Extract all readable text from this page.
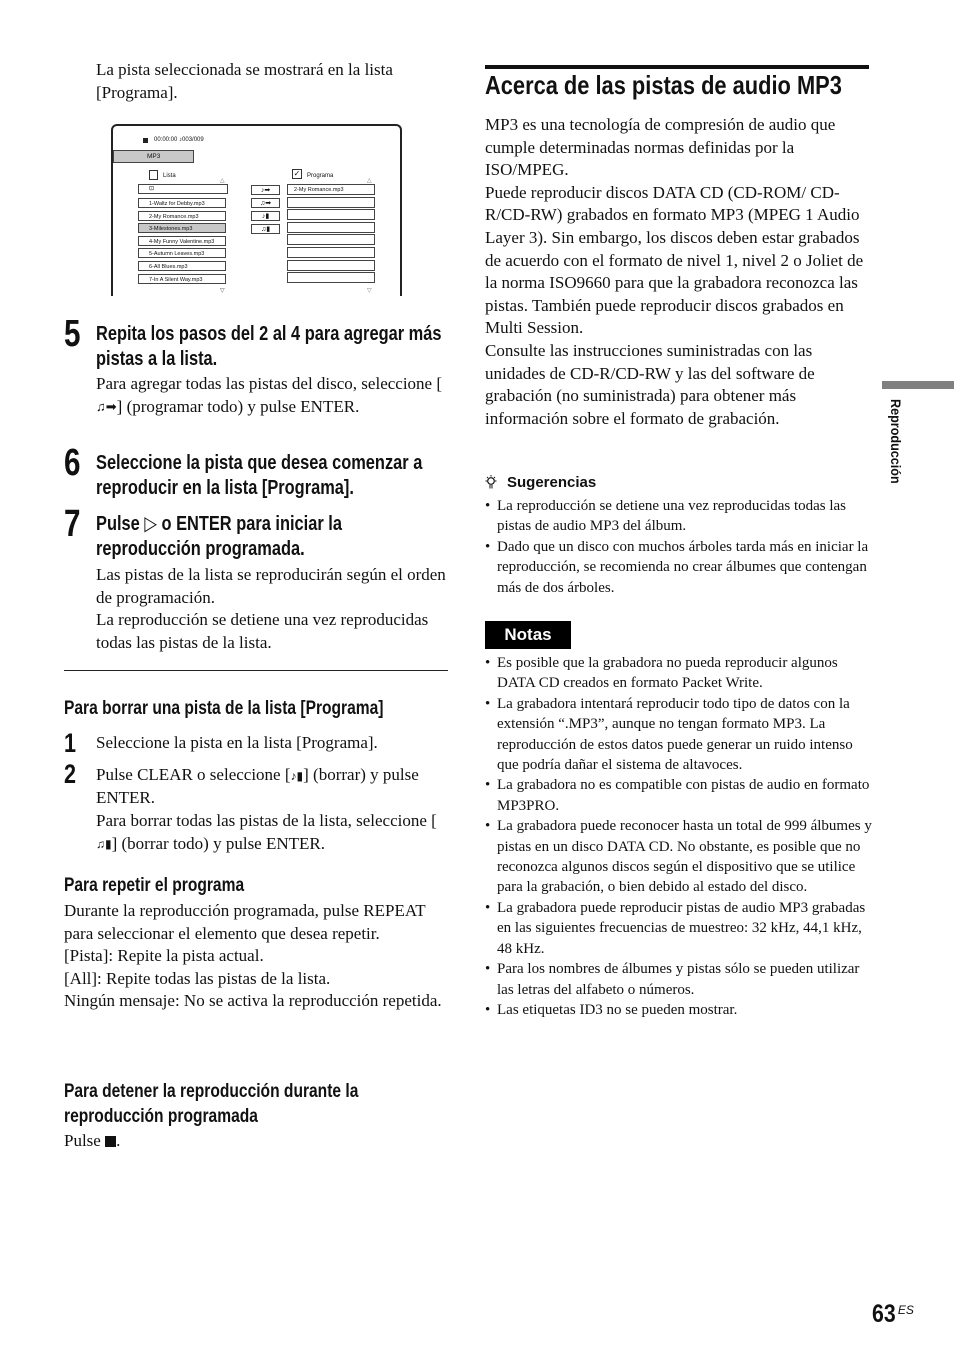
La pista seleccionada se mostrará en la lista [Programa].
00:00:00 ♪003/009
MP3
Lista
△
⊡
1-Waltz for Debby.mp3
2-My Romance.mp3
3-Milestones.mp3
4-My Funny Valentine.mp3
5-Autumn Leaves.mp3
6-All Blues.mp3
7-In A Silent Way.mp3
▽
♪➡
♫➡
♪▮
♫▮
✓ Programa
△
2-My Romance.mp3
▽
5 Repita los pasos del 2 al 4 para agregar más pistas a la lista.
Para agregar todas las pistas del disco, seleccione [♫➡] (programar todo) y pulse ENTER.
6 Seleccione la pista que desea comenzar a reproducir en la lista [Programa].
7 Pulse ▷ o ENTER para iniciar la
reproducción programada.
Las pistas de la lista se reproducirán según el orden de programación.
La reproducción se detiene una vez reproducidas todas las pistas de la lista.
Para borrar una pista de la lista [Programa]
1 Seleccione la pista en la lista [Programa].
2 Pulse CLEAR o seleccione [♪▮] (borrar) y pulse ENTER.
Para borrar todas las pistas de la lista, seleccione [♫▮] (borrar todo) y pulse ENTER.
Para repetir el programa
Durante la reproducción programada, pulse REPEAT para seleccionar el elemento que desea repetir.
[Pista]: Repite la pista actual.
[All]: Repite todas las pistas de la lista.
Ningún mensaje: No se activa la reproducción repetida.
Para detener la reproducción durante la reproducción programada
Pulse .
Acerca de las pistas de audio MP3
MP3 es una tecnología de compresión de audio que cumple determinadas normas definidas por la ISO/MPEG.
Puede reproducir discos DATA CD (CD-ROM/ CD-R/CD-RW) grabados en formato MP3 (MPEG 1 Audio Layer 3). Sin embargo, los discos deben estar grabados de acuerdo con el formato de nivel 1, nivel 2 o Joliet de la norma ISO9660 para que la grabadora reconozca las pistas. También puede reproducir discos grabados en Multi Session.
Consulte las instrucciones suministradas con las unidades de CD-R/CD-RW y las del software de grabación (no suministrada) para obtener más información sobre el formato de grabación.
Sugerencias
• La reproducción se detiene una vez reproducidas todas las pistas de audio MP3 del álbum.
• Dado que un disco con muchos árboles tarda más en iniciar la reproducción, se recomienda no crear álbumes que contengan más de dos árboles.
Notas
• Es posible que la grabadora no pueda reproducir algunos DATA CD creados en formato Packet Write.
• La grabadora intentará reproducir todo tipo de datos con la extensión “.MP3”, aunque no tengan formato MP3. La reproducción de estos datos puede generar un ruido intenso que podría dañar el sistema de altavoces.
• La grabadora no es compatible con pistas de audio en formato MP3PRO.
• La grabadora puede reconocer hasta un total de 999 álbumes y pistas en un disco DATA CD. No obstante, es posible que no reconozca algunos discos según el dispositivo que se utilice para la grabación, o bien debido al estado del disco.
• La grabadora puede reproducir pistas de audio MP3 grabadas en las siguientes frecuencias de muestreo: 32 kHz, 44,1 kHz, 48 kHz.
• Para los nombres de álbumes y pistas sólo se pueden utilizar las letras del alfabeto o números.
• Las etiquetas ID3 no se pueden mostrar.
Reproducción
63 $^{ES}$
